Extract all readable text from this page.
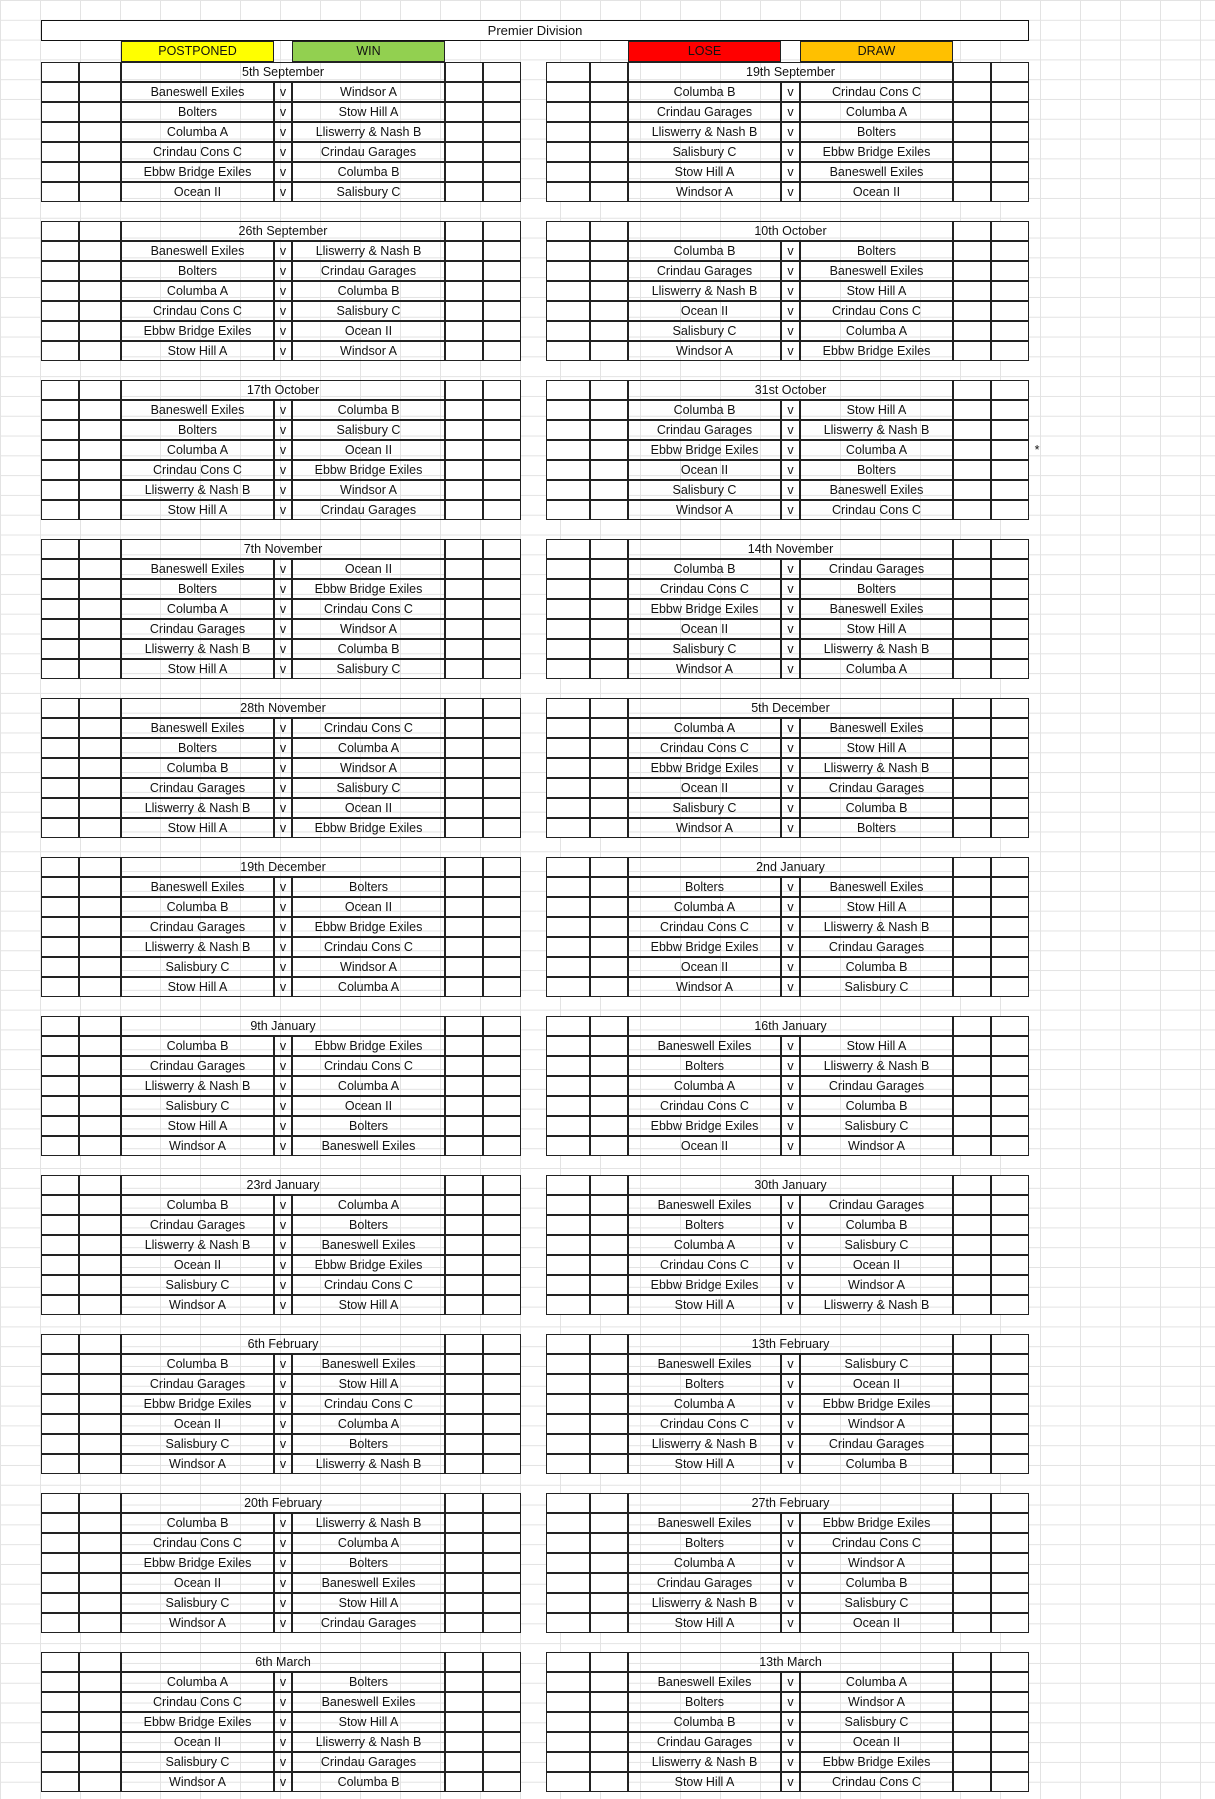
Premier Division
POSTPONED	WIN	LOSE	DRAW
*
5th September
Baneswell Exiles	v	Windsor A
Bolters	v	Stow Hill A
Columba A	v	Lliswerry & Nash B
Crindau Cons C	v	Crindau Garages
Ebbw Bridge Exiles	v	Columba B
Ocean II	v	Salisbury C
19th September
Columba B	v	Crindau Cons C
Crindau Garages	v	Columba A
Lliswerry & Nash B	v	Bolters
Salisbury C	v	Ebbw Bridge Exiles
Stow Hill A	v	Baneswell Exiles
Windsor A	v	Ocean II
26th September
Baneswell Exiles	v	Lliswerry & Nash B
Bolters	v	Crindau Garages
Columba A	v	Columba B
Crindau Cons C	v	Salisbury C
Ebbw Bridge Exiles	v	Ocean II
Stow Hill A	v	Windsor A
10th October
Columba B	v	Bolters
Crindau Garages	v	Baneswell Exiles
Lliswerry & Nash B	v	Stow Hill A
Ocean II	v	Crindau Cons C
Salisbury C	v	Columba A
Windsor A	v	Ebbw Bridge Exiles
17th October
Baneswell Exiles	v	Columba B
Bolters	v	Salisbury C
Columba A	v	Ocean II
Crindau Cons C	v	Ebbw Bridge Exiles
Lliswerry & Nash B	v	Windsor A
Stow Hill A	v	Crindau Garages
31st October
Columba B	v	Stow Hill A
Crindau Garages	v	Lliswerry & Nash B
Ebbw Bridge Exiles	v	Columba A
Ocean II	v	Bolters
Salisbury C	v	Baneswell Exiles
Windsor A	v	Crindau Cons C
7th November
Baneswell Exiles	v	Ocean II
Bolters	v	Ebbw Bridge Exiles
Columba A	v	Crindau Cons C
Crindau Garages	v	Windsor A
Lliswerry & Nash B	v	Columba B
Stow Hill A	v	Salisbury C
14th November
Columba B	v	Crindau Garages
Crindau Cons C	v	Bolters
Ebbw Bridge Exiles	v	Baneswell Exiles
Ocean II	v	Stow Hill A
Salisbury C	v	Lliswerry & Nash B
Windsor A	v	Columba A
28th November
Baneswell Exiles	v	Crindau Cons C
Bolters	v	Columba A
Columba B	v	Windsor A
Crindau Garages	v	Salisbury C
Lliswerry & Nash B	v	Ocean II
Stow Hill A	v	Ebbw Bridge Exiles
5th December
Columba A	v	Baneswell Exiles
Crindau Cons C	v	Stow Hill A
Ebbw Bridge Exiles	v	Lliswerry & Nash B
Ocean II	v	Crindau Garages
Salisbury C	v	Columba B
Windsor A	v	Bolters
19th December
Baneswell Exiles	v	Bolters
Columba B	v	Ocean II
Crindau Garages	v	Ebbw Bridge Exiles
Lliswerry & Nash B	v	Crindau Cons C
Salisbury C	v	Windsor A
Stow Hill A	v	Columba A
2nd January
Bolters	v	Baneswell Exiles
Columba A	v	Stow Hill A
Crindau Cons C	v	Lliswerry & Nash B
Ebbw Bridge Exiles	v	Crindau Garages
Ocean II	v	Columba B
Windsor A	v	Salisbury C
9th January
Columba B	v	Ebbw Bridge Exiles
Crindau Garages	v	Crindau Cons C
Lliswerry & Nash B	v	Columba A
Salisbury C	v	Ocean II
Stow Hill A	v	Bolters
Windsor A	v	Baneswell Exiles
16th January
Baneswell Exiles	v	Stow Hill A
Bolters	v	Lliswerry & Nash B
Columba A	v	Crindau Garages
Crindau Cons C	v	Columba B
Ebbw Bridge Exiles	v	Salisbury C
Ocean II	v	Windsor A
23rd January
Columba B	v	Columba A
Crindau Garages	v	Bolters
Lliswerry & Nash B	v	Baneswell Exiles
Ocean II	v	Ebbw Bridge Exiles
Salisbury C	v	Crindau Cons C
Windsor A	v	Stow Hill A
30th January
Baneswell Exiles	v	Crindau Garages
Bolters	v	Columba B
Columba A	v	Salisbury C
Crindau Cons C	v	Ocean II
Ebbw Bridge Exiles	v	Windsor A
Stow Hill A	v	Lliswerry & Nash B
6th February
Columba B	v	Baneswell Exiles
Crindau Garages	v	Stow Hill A
Ebbw Bridge Exiles	v	Crindau Cons C
Ocean II	v	Columba A
Salisbury C	v	Bolters
Windsor A	v	Lliswerry & Nash B
13th February
Baneswell Exiles	v	Salisbury C
Bolters	v	Ocean II
Columba A	v	Ebbw Bridge Exiles
Crindau Cons C	v	Windsor A
Lliswerry & Nash B	v	Crindau Garages
Stow Hill A	v	Columba B
20th February
Columba B	v	Lliswerry & Nash B
Crindau Cons C	v	Columba A
Ebbw Bridge Exiles	v	Bolters
Ocean II	v	Baneswell Exiles
Salisbury C	v	Stow Hill A
Windsor A	v	Crindau Garages
27th February
Baneswell Exiles	v	Ebbw Bridge Exiles
Bolters	v	Crindau Cons C
Columba A	v	Windsor A
Crindau Garages	v	Columba B
Lliswerry & Nash B	v	Salisbury C
Stow Hill A	v	Ocean II
6th March
Columba A	v	Bolters
Crindau Cons C	v	Baneswell Exiles
Ebbw Bridge Exiles	v	Stow Hill A
Ocean II	v	Lliswerry & Nash B
Salisbury C	v	Crindau Garages
Windsor A	v	Columba B
13th March
Baneswell Exiles	v	Columba A
Bolters	v	Windsor A
Columba B	v	Salisbury C
Crindau Garages	v	Ocean II
Lliswerry & Nash B	v	Ebbw Bridge Exiles
Stow Hill A	v	Crindau Cons C
